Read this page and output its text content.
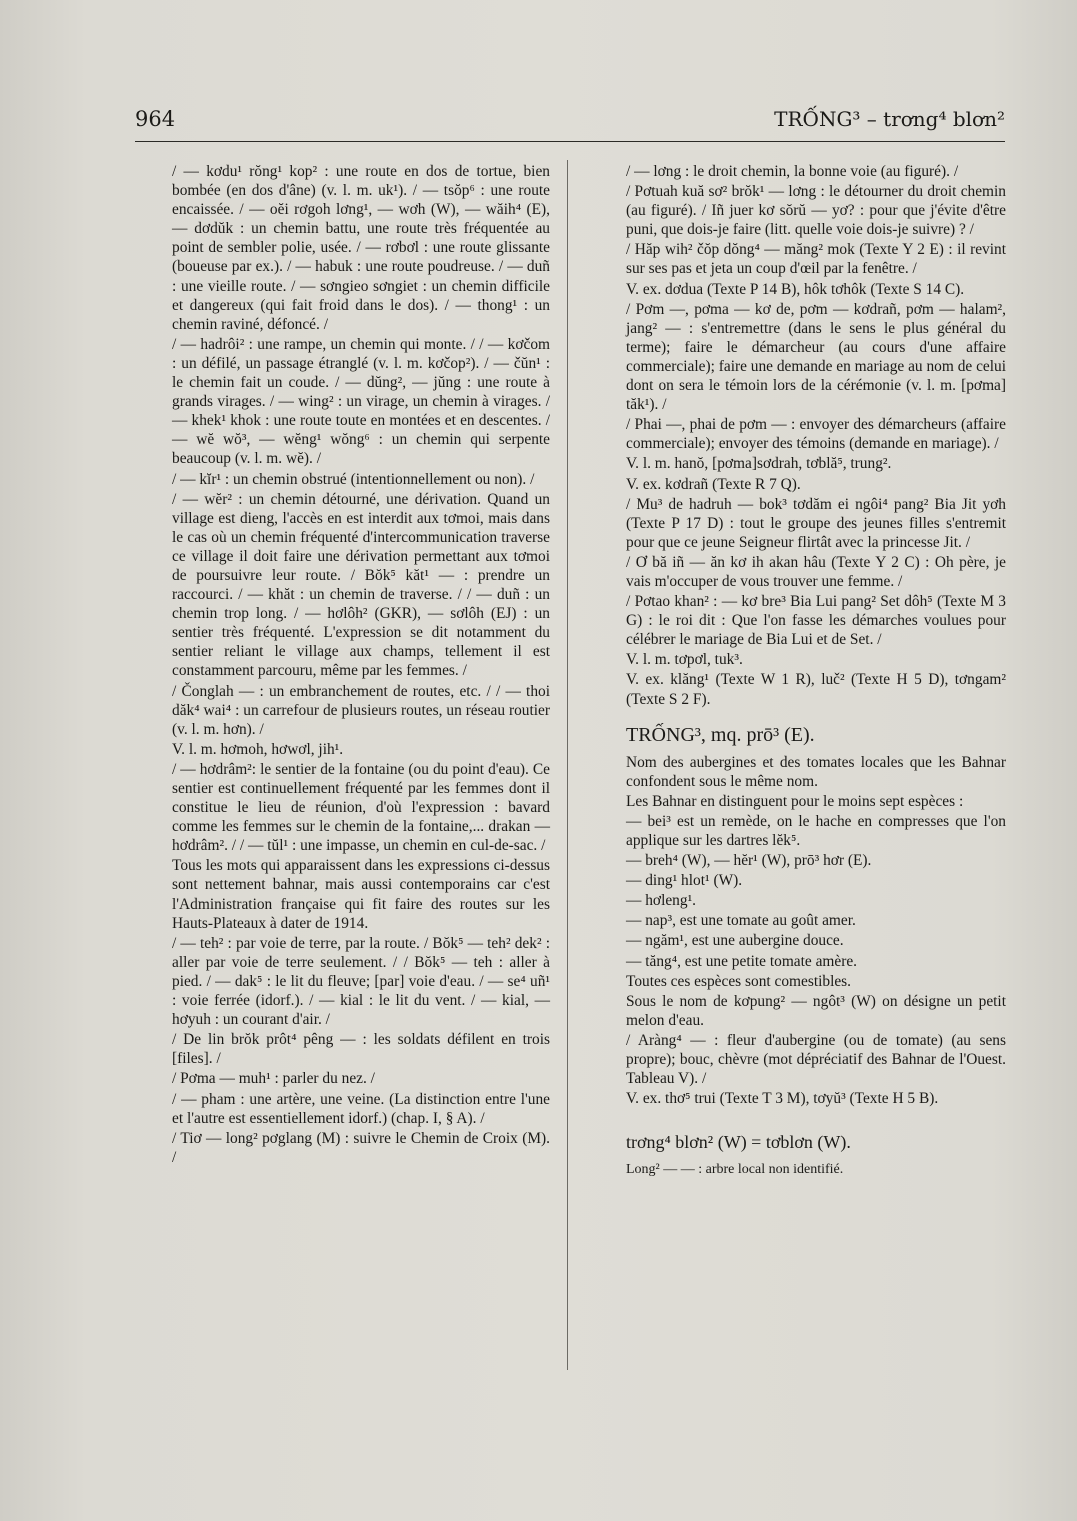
964	TRỐNG³ – trơng⁴ blơn²

/ — kơdu¹ rŏng¹ kop² : une route en dos de tortue, bien bombée (en dos d'âne) (v. l. m. uk¹). / — tsŏp⁶ : une route encaissée. / — oĕi rơgoh lơng¹, — wơh (W), — wăih⁴ (E), — dơdŭk : un chemin battu, une route très fréquentée au point de sembler polie, usée. / — rơbơl : une route glissante (boueuse par ex.). / — habuk : une route poudreuse. / — duñ : une vieille route. / — sơngieo sơngiet : un chemin difficile et dangereux (qui fait froid dans le dos). / — thong¹ : un chemin raviné, défoncé. /

/ — hadrôi² : une rampe, un chemin qui monte. / / — kơčom : un défilé, un passage étranglé (v. l. m. kơčop²). / — čŭn¹ : le chemin fait un coude. / — dŭng², — jŭng : une route à grands virages. / — wing² : un virage, un chemin à virages. / — khek¹ khok : une route toute en montées et en descentes. / — wĕ wŏ³, — wĕng¹ wŏng⁶ : un chemin qui serpente beaucoup (v. l. m. wĕ). /

/ — kĭr¹ : un chemin obstrué (intentionnellement ou non). /

/ — wĕr² : un chemin détourné, une dérivation. Quand un village est dieng, l'accès en est interdit aux tơmoi, mais dans le cas où un chemin fréquenté d'intercommunication traverse ce village il doit faire une dérivation permettant aux tơmoi de poursuivre leur route. / Bŏk⁵ kăt¹ — : prendre un raccourci. / — khăt : un chemin de traverse. / / — duñ : un chemin trop long. / — hơlôh² (GKR), — sơlôh (EJ) : un sentier très fréquenté. L'expression se dit notamment du sentier reliant le village aux champs, tellement il est constamment parcouru, même par les femmes. /

/ Čonglah — : un embranchement de routes, etc. / / — thoi dăk⁴ wai⁴ : un carrefour de plusieurs routes, un réseau routier (v. l. m. hơn). /

V. l. m. hơmoh, hơwơl, jih¹.

/ — hơdrâm²: le sentier de la fontaine (ou du point d'eau). Ce sentier est continuellement fréquenté par les femmes dont il constitue le lieu de réunion, d'où l'expression : bavard comme les femmes sur le chemin de la fontaine,... drakan — hơdrâm². / / — tŭl¹ : une impasse, un chemin en cul-de-sac. /

Tous les mots qui apparaissent dans les expressions ci-dessus sont nettement bahnar, mais aussi contemporains car c'est l'Administration française qui fit faire des routes sur les Hauts-Plateaux à dater de 1914.

/ — teh² : par voie de terre, par la route. / Bŏk⁵ — teh² dek² : aller par voie de terre seulement. / / Bŏk⁵ — teh : aller à pied. / — dak⁵ : le lit du fleuve; [par] voie d'eau. / — se⁴ uñ¹ : voie ferrée (idorf.). / — kial : le lit du vent. / — kial, — hơyuh : un courant d'air. /

/ De lin brŏk prôt⁴ pêng — : les soldats défilent en trois [files]. /

/ Pơma — muh¹ : parler du nez. /

/ — pham : une artère, une veine. (La distinction entre l'une et l'autre est essentiellement idorf.) (chap. I, § A). /

/ Tiơ — long² pơglang (M) : suivre le Chemin de Croix (M). /

/ — lơng : le droit chemin, la bonne voie (au figuré). /

/ Pơtuah kuă sơ² brŏk¹ — lơng : le détourner du droit chemin (au figuré). / Iñ juer kơ sŏrŭ — yơ? : pour que j'évite d'être puni, que dois-je faire (litt. quelle voie dois-je suivre) ? /

/ Hăp wih² čŏp dŏng⁴ — măng² mok (Texte Y 2 E) : il revint sur ses pas et jeta un coup d'œil par la fenêtre. /

V. ex. dơdua (Texte P 14 B), hôk tơhôk (Texte S 14 C).

/ Pơm —, pơma — kơ de, pơm — kơdrañ, pơm — halam², jang² — : s'entremettre (dans le sens le plus général du terme); faire le démarcheur (au cours d'une affaire commerciale); faire une demande en mariage au nom de celui dont on sera le témoin lors de la cérémonie (v. l. m. [pơma] tăk¹). /

/ Phai —, phai de pơm — : envoyer des démarcheurs (affaire commerciale); envoyer des témoins (demande en mariage). /

V. l. m. hanŏ, [pơma]sơdrah, tơblă⁵, trung².

V. ex. kơdrañ (Texte R 7 Q).

/ Mu³ de hadruh — bok³ tơdăm ei ngôi⁴ pang² Bia Jit yơh (Texte P 17 D) : tout le groupe des jeunes filles s'entremit pour que ce jeune Seigneur flirtât avec la princesse Jit. /

/ Ơ bă iñ — ăn kơ ih akan hâu (Texte Y 2 C) : Oh père, je vais m'occuper de vous trouver une femme. /

/ Pơtao khan² : — kơ bre³ Bia Lui pang² Set dôh⁵ (Texte M 3 G) : le roi dit : Que l'on fasse les démarches voulues pour célébrer le mariage de Bia Lui et de Set. /

V. l. m. tơpơl, tuk³.

V. ex. klăng¹ (Texte W 1 R), luč² (Texte H 5 D), tơngam² (Texte S 2 F).

TRỐNG³, mq. prō³ (E).

Nom des aubergines et des tomates locales que les Bahnar confondent sous le même nom.

Les Bahnar en distinguent pour le moins sept espèces :

— bei³ est un remède, on le hache en compresses que l'on applique sur les dartres lĕk⁵.

— breh⁴ (W), — hĕr¹ (W), prō³ hơr (E).

— ding¹ hlot¹ (W).

— hơleng¹.

— nap³, est une tomate au goût amer.

— ngăm¹, est une aubergine douce.

— tăng⁴, est une petite tomate amère.

Toutes ces espèces sont comestibles.

Sous le nom de kơpung² — ngôt³ (W) on désigne un petit melon d'eau.

/ Aràng⁴ — : fleur d'aubergine (ou de tomate) (au sens propre); bouc, chèvre (mot dépréciatif des Bahnar de l'Ouest. Tableau V). /

V. ex. thơ⁵ trui (Texte T 3 M), tơyŭ³ (Texte H 5 B).

trơng⁴ blơn² (W) = tơblơn (W).

Long² — — : arbre local non identifié.
